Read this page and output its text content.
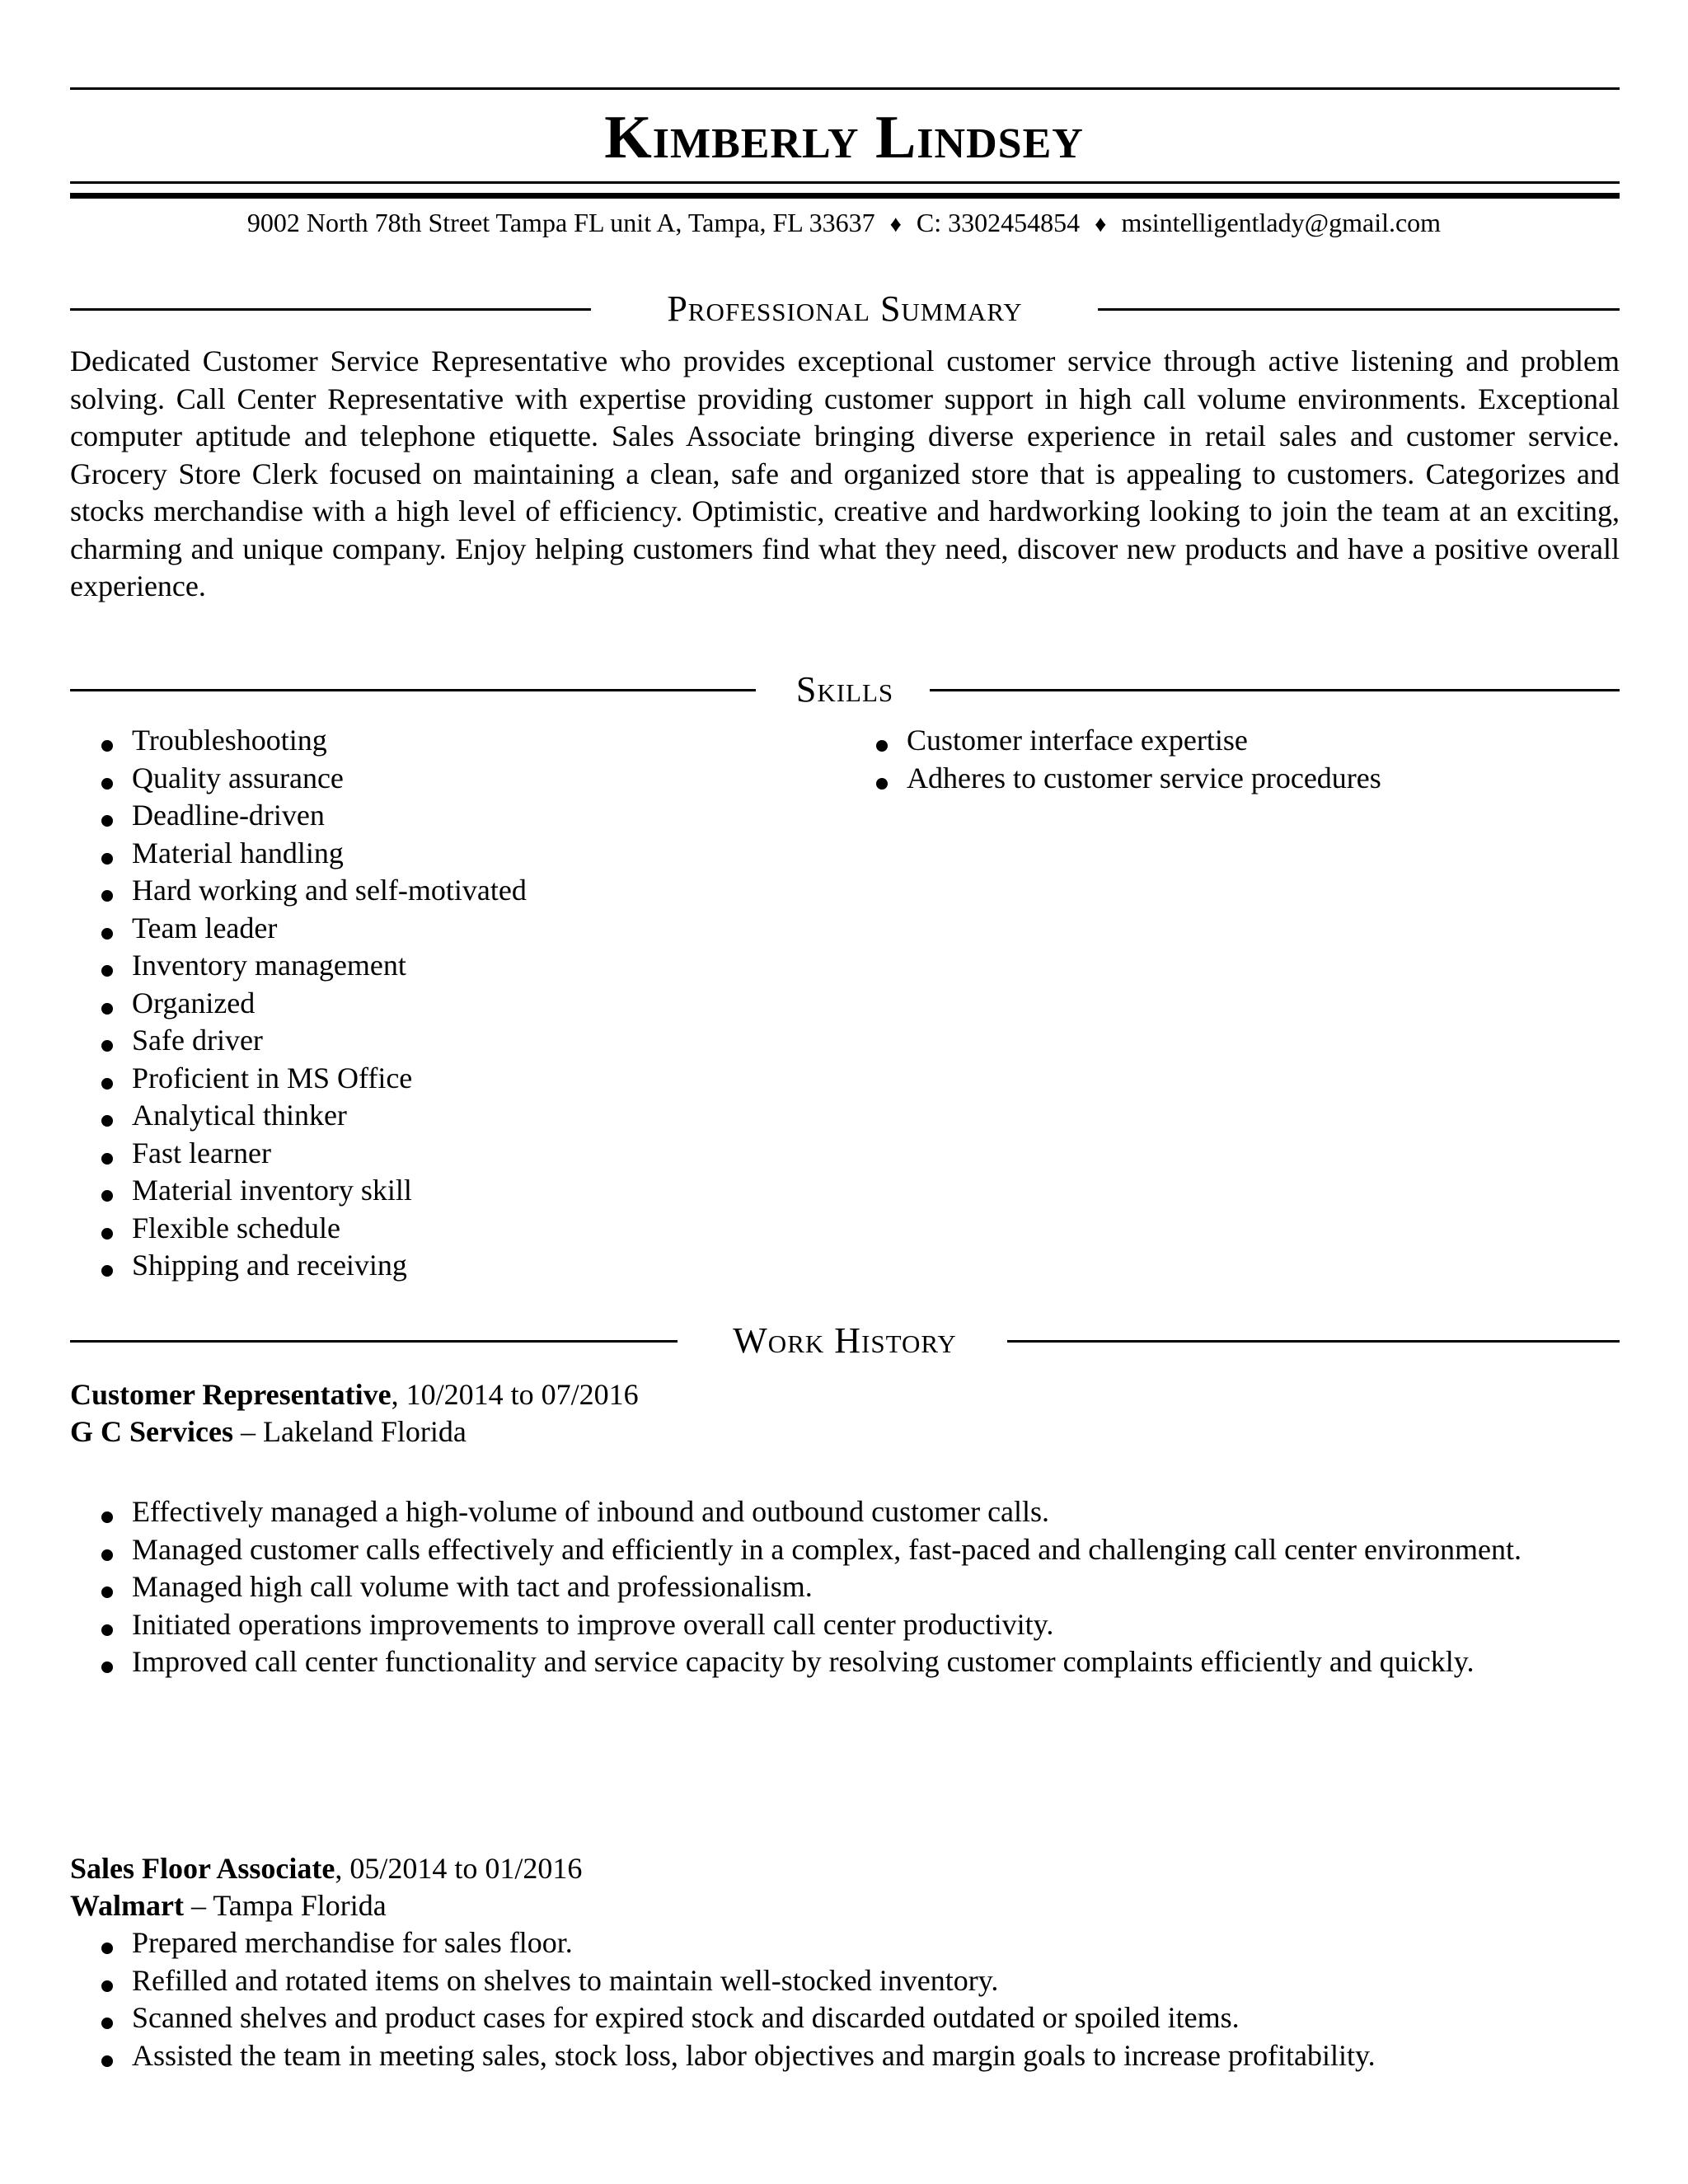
Kimberly Lindsey
9002 North 78th Street Tampa FL unit A, Tampa, FL 33637 ♦ C: 3302454854 ♦ msintelligentlady@gmail.com
Professional Summary
Dedicated Customer Service Representative who provides exceptional customer service through active listening and problem solving. Call Center Representative with expertise providing customer support in high call volume environments. Exceptional computer aptitude and telephone etiquette. Sales Associate bringing diverse experience in retail sales and customer service. Grocery Store Clerk focused on maintaining a clean, safe and organized store that is appealing to customers. Categorizes and stocks merchandise with a high level of efficiency. Optimistic, creative and hardworking looking to join the team at an exciting, charming and unique company. Enjoy helping customers find what they need, discover new products and have a positive overall experience.
Skills
Troubleshooting
Quality assurance
Deadline-driven
Material handling
Hard working and self-motivated
Team leader
Inventory management
Organized
Safe driver
Proficient in MS Office
Analytical thinker
Fast learner
Material inventory skill
Flexible schedule
Shipping and receiving
Customer interface expertise
Adheres to customer service procedures
Work History
Customer Representative, 10/2014 to 07/2016
G C Services – Lakeland Florida
Effectively managed a high-volume of inbound and outbound customer calls.
Managed customer calls effectively and efficiently in a complex, fast-paced and challenging call center environment.
Managed high call volume with tact and professionalism.
Initiated operations improvements to improve overall call center productivity.
Improved call center functionality and service capacity by resolving customer complaints efficiently and quickly.
Sales Floor Associate, 05/2014 to 01/2016
Walmart – Tampa Florida
Prepared merchandise for sales floor.
Refilled and rotated items on shelves to maintain well-stocked inventory.
Scanned shelves and product cases for expired stock and discarded outdated or spoiled items.
Assisted the team in meeting sales, stock loss, labor objectives and margin goals to increase profitability.
